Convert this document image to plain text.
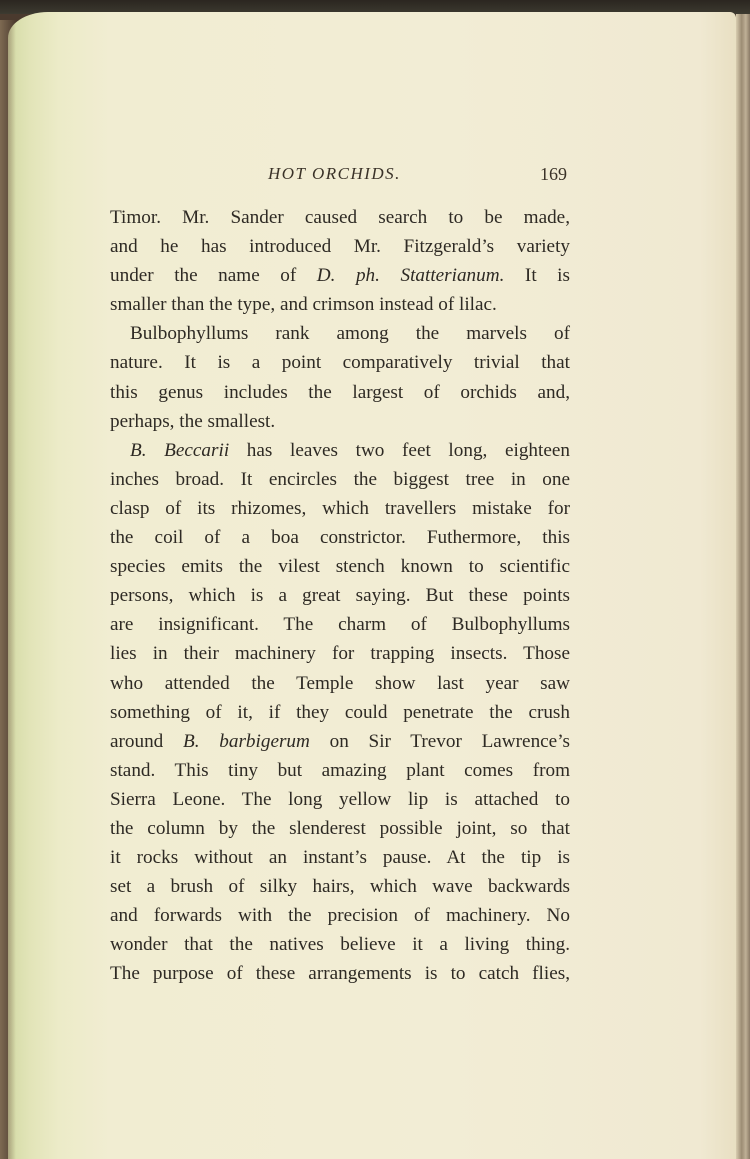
HOT ORCHIDS.	169
Timor. Mr. Sander caused search to be made,
and he has introduced Mr. Fitzgerald’s variety
under the name of D. ph. Statterianum. It is
smaller than the type, and crimson instead of lilac.
Bulbophyllums rank among the marvels of
nature. It is a point comparatively trivial that
this genus includes the largest of orchids and,
perhaps, the smallest.
B. Beccarii has leaves two feet long, eighteen
inches broad. It encircles the biggest tree in one
clasp of its rhizomes, which travellers mistake for
the coil of a boa constrictor. Futhermore, this
species emits the vilest stench known to scientific
persons, which is a great saying. But these points
are insignificant. The charm of Bulbophyllums
lies in their machinery for trapping insects. Those
who attended the Temple show last year saw
something of it, if they could penetrate the crush
around B. barbigerum on Sir Trevor Lawrence’s
stand. This tiny but amazing plant comes from
Sierra Leone. The long yellow lip is attached to
the column by the slenderest possible joint, so that
it rocks without an instant’s pause. At the tip is
set a brush of silky hairs, which wave backwards
and forwards with the precision of machinery. No
wonder that the natives believe it a living thing.
The purpose of these arrangements is to catch flies,
